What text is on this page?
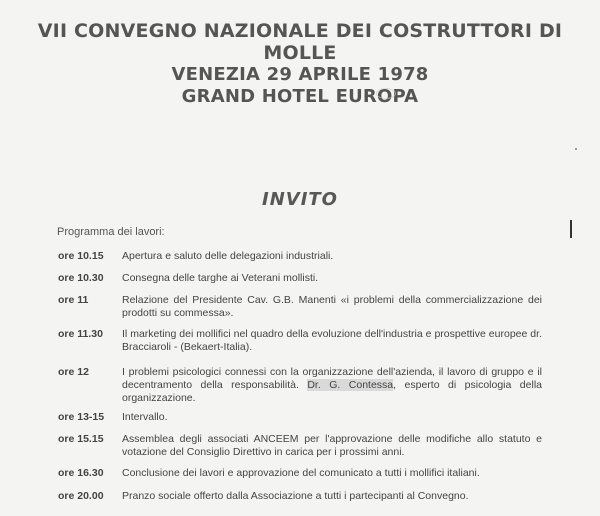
VII CONVEGNO NAZIONALE DEI COSTRUTTORI DI MOLLE
VENEZIA 29 APRILE 1978
GRAND HOTEL EUROPA
INVITO
Programma dei lavori:
ore 10.15 Apertura e saluto delle delegazioni industriali.
ore 10.30 Consegna delle targhe ai Veterani mollisti.
ore 11	Relazione del Presidente Cav. G.B. Manenti «i problemi della commercializzazione dei prodotti su commessa».
ore 11.30 Il marketing dei mollifici nel quadro della evoluzione dell'industria e prospettive europee dr. Bracciaroli - (Bekaert-Italia).
ore 12	I problemi psicologici connessi con la organizzazione dell'azienda, il lavoro di gruppo e il decentramento della responsabilità. Dr. G. Contessa, esperto di psicologia della organizzazione.
ore 13-15 Intervallo.
ore 15.15 Assemblea degli associati ANCEEM per l'approvazione delle modifiche allo statuto e votazione del Consiglio Direttivo in carica per i prossimi anni.
ore 16.30 Conclusione dei lavori e approvazione del comunicato a tutti i mollifici italiani.
ore 20.00 Pranzo sociale offerto dalla Associazione a tutti i partecipanti al Convegno.
